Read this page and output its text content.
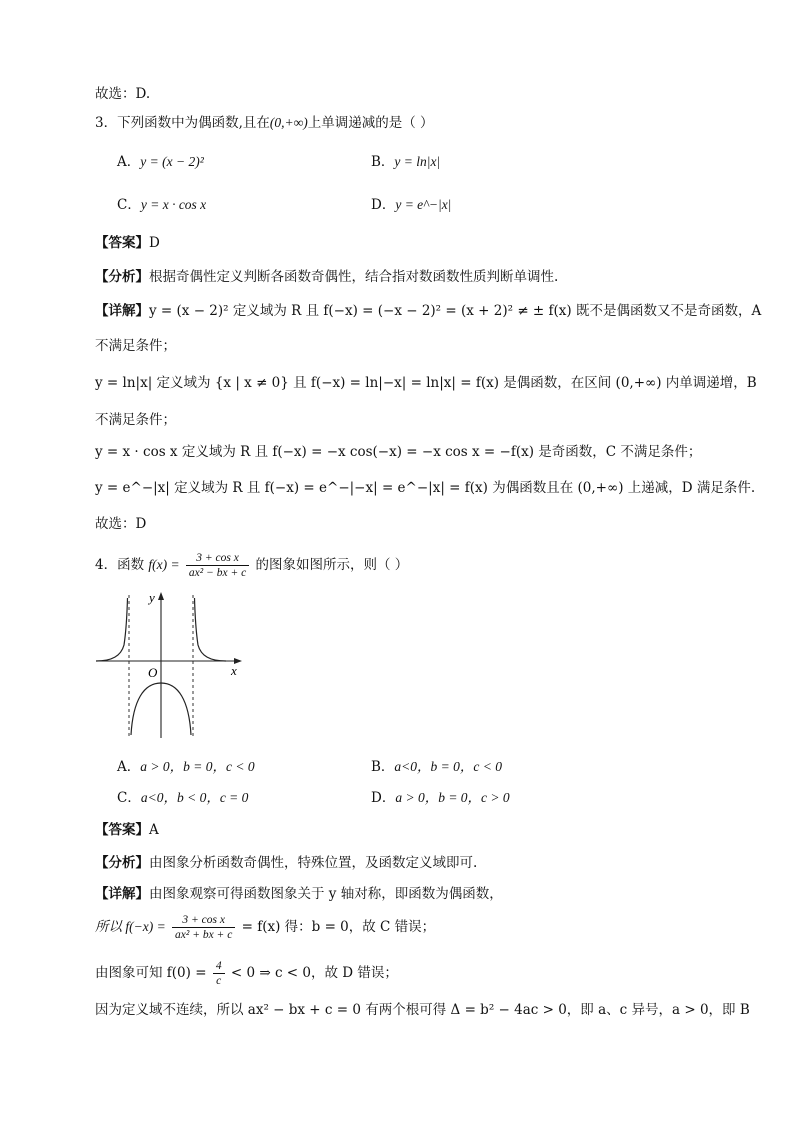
故选：D.
3．下列函数中为偶函数,且在(0,+∞)上单调递减的是（ ）
A．y = (x − 2)²	B．y = ln|x|
C．y = x · cos x	D．y = e^−|x|
【答案】D
【分析】根据奇偶性定义判断各函数奇偶性，结合指对数函数性质判断单调性.
【详解】y = (x − 2)² 定义域为 R 且 f(−x) = (−x − 2)² = (x + 2)² ≠ ± f(x) 既不是偶函数又不是奇函数，A
不满足条件；
y = ln|x| 定义域为 {x | x ≠ 0} 且 f(−x) = ln|−x| = ln|x| = f(x) 是偶函数，在区间 (0,+∞) 内单调递增，B
不满足条件；
y = x · cos x 定义域为 R 且 f(−x) = −x cos(−x) = −x cos x = −f(x) 是奇函数，C 不满足条件；
y = e^−|x| 定义域为 R 且 f(−x) = e^−|−x| = e^−|x| = f(x) 为偶函数且在 (0,+∞) 上递减，D 满足条件.
故选：D
4．函数 $f(x) = \frac{\text{3 + cos x}}{\text{ax² − bx + c}}$ 的图象如图所示，则（ ）
y
x
O
A．a > 0，b = 0，c < 0	B．a<0，b = 0，c < 0
C．a<0，b < 0，c = 0	D．a > 0，b = 0，c > 0
【答案】A
【分析】由图象分析函数奇偶性，特殊位置，及函数定义域即可.
【详解】由图象观察可得函数图象关于 y 轴对称，即函数为偶函数，
所以 $f(-x) = \frac{\text{3 + cos x}}{\text{ax² + bx + c}} = f(x)$ 得：b = 0，故 C 错误；
由图象可知 $f(0) = \frac{4}{c} < 0$ ⇒ c < 0，故 D 错误；
因为定义域不连续，所以 ax² − bx + c = 0 有两个根可得 Δ = b² − 4ac > 0，即 a、c 异号，a > 0，即 B
